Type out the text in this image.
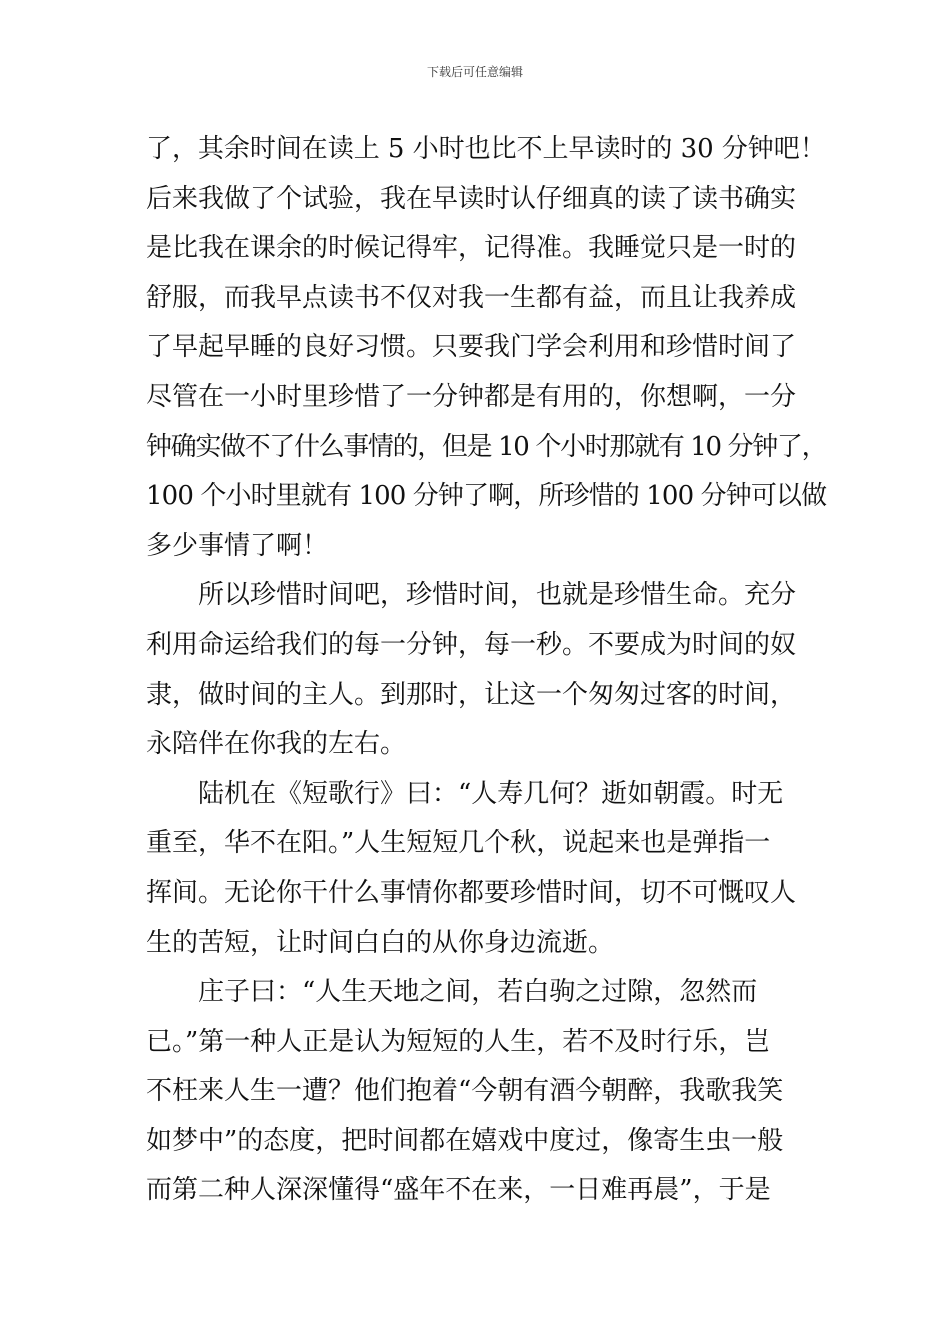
下载后可任意编辑
了，其余时间在读上 5 小时也比不上早读时的 30 分钟吧！
后来我做了个试验，我在早读时认仔细真的读了读书确实
是比我在课余的时候记得牢，记得准。我睡觉只是一时的
舒服，而我早点读书不仅对我一生都有益，而且让我养成
了早起早睡的良好习惯。只要我门学会利用和珍惜时间了
尽管在一小时里珍惜了一分钟都是有用的，你想啊，一分
钟确实做不了什么事情的，但是 10 个小时那就有 10 分钟了，
100 个小时里就有 100 分钟了啊，所珍惜的 100 分钟可以做
多少事情了啊！
所以珍惜时间吧，珍惜时间，也就是珍惜生命。充分
利用命运给我们的每一分钟，每一秒。不要成为时间的奴
隶，做时间的主人。到那时，让这一个匆匆过客的时间，
永陪伴在你我的左右。
陆机在《短歌行》曰：“人寿几何？逝如朝霞。时无
重至，华不在阳。”人生短短几个秋，说起来也是弹指一
挥间。无论你干什么事情你都要珍惜时间，切不可慨叹人
生的苦短，让时间白白的从你身边流逝。
庄子曰：“人生天地之间，若白驹之过隙，忽然而
已。”第一种人正是认为短短的人生，若不及时行乐，岂
不枉来人生一遭？他们抱着“今朝有酒今朝醉，我歌我笑
如梦中”的态度，把时间都在嬉戏中度过，像寄生虫一般
而第二种人深深懂得“盛年不在来，一日难再晨”，于是
